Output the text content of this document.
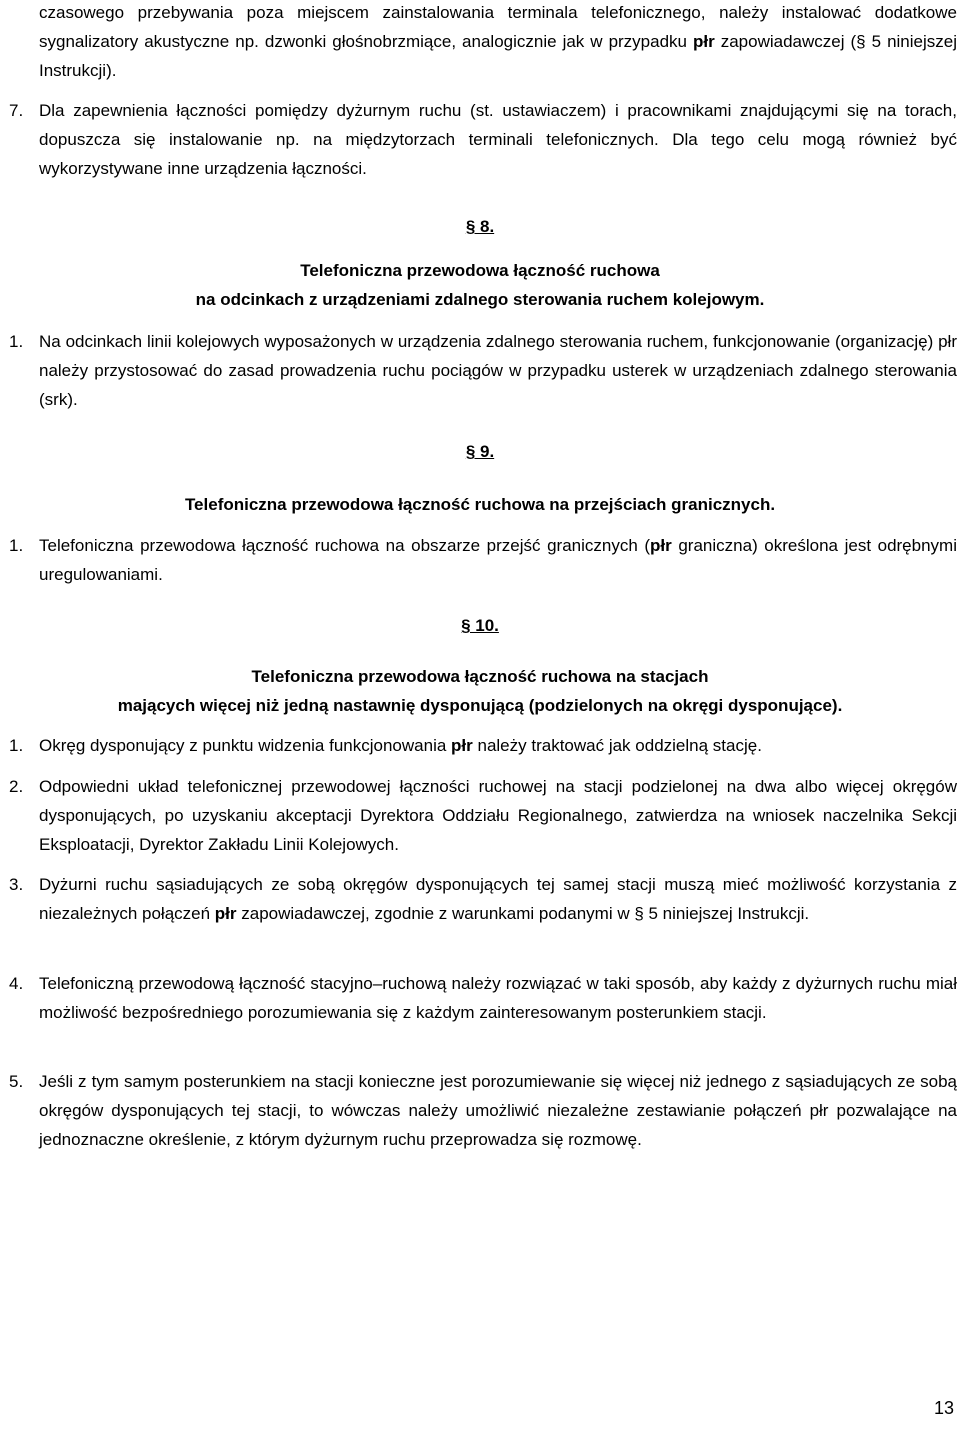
czasowego przebywania poza miejscem zainstalowania terminala telefonicznego, należy instalować dodatkowe sygnalizatory akustyczne np. dzwonki głośnobrzmiące, analogicznie jak w przypadku płr zapowiadawczej (§ 5 niniejszej Instrukcji).
7. Dla zapewnienia łączności pomiędzy dyżurnym ruchu (st. ustawiaczem) i pracownikami znajdującymi się na torach, dopuszcza się instalowanie np. na międzytorzach terminali telefonicznych. Dla tego celu mogą również być wykorzystywane inne urządzenia łączności.
§ 8.
Telefoniczna przewodowa łączność ruchowa
na odcinkach z urządzeniami zdalnego sterowania ruchem kolejowym.
1. Na odcinkach linii kolejowych wyposażonych w urządzenia zdalnego sterowania ruchem, funkcjonowanie (organizację) płr należy przystosować do zasad prowadzenia ruchu pociągów w przypadku usterek w urządzeniach zdalnego sterowania (srk).
§ 9.
Telefoniczna przewodowa łączność ruchowa na przejściach granicznych.
1. Telefoniczna przewodowa łączność ruchowa na obszarze przejść granicznych (płr graniczna) określona jest odrębnymi uregulowaniami.
§ 10.
Telefoniczna przewodowa łączność ruchowa na stacjach
mających więcej niż jedną nastawnię dysponującą (podzielonych na okręgi dysponujące).
1. Okręg dysponujący z punktu widzenia funkcjonowania płr należy traktować jak oddzielną stację.
2. Odpowiedni układ telefonicznej przewodowej łączności ruchowej na stacji podzielonej na dwa albo więcej okręgów dysponujących, po uzyskaniu akceptacji Dyrektora Oddziału Regionalnego, zatwierdza na wniosek naczelnika Sekcji Eksploatacji, Dyrektor Zakładu Linii Kolejowych.
3. Dyżurni ruchu sąsiadujących ze sobą okręgów dysponujących tej samej stacji muszą mieć możliwość korzystania z niezależnych połączeń płr zapowiadawczej, zgodnie z warunkami podanymi w § 5 niniejszej Instrukcji.
4. Telefoniczną przewodową łączność stacyjno–ruchową należy rozwiązać w taki sposób, aby każdy z dyżurnych ruchu miał możliwość bezpośredniego porozumiewania się z każdym zainteresowanym posterunkiem stacji.
5. Jeśli z tym samym posterunkiem na stacji konieczne jest porozumiewanie się więcej niż jednego z sąsiadujących ze sobą okręgów dysponujących tej stacji, to wówczas należy umożliwić niezależne zestawianie połączeń płr pozwalające na jednoznaczne określenie, z którym dyżurnym ruchu przeprowadza się rozmowę.
13
